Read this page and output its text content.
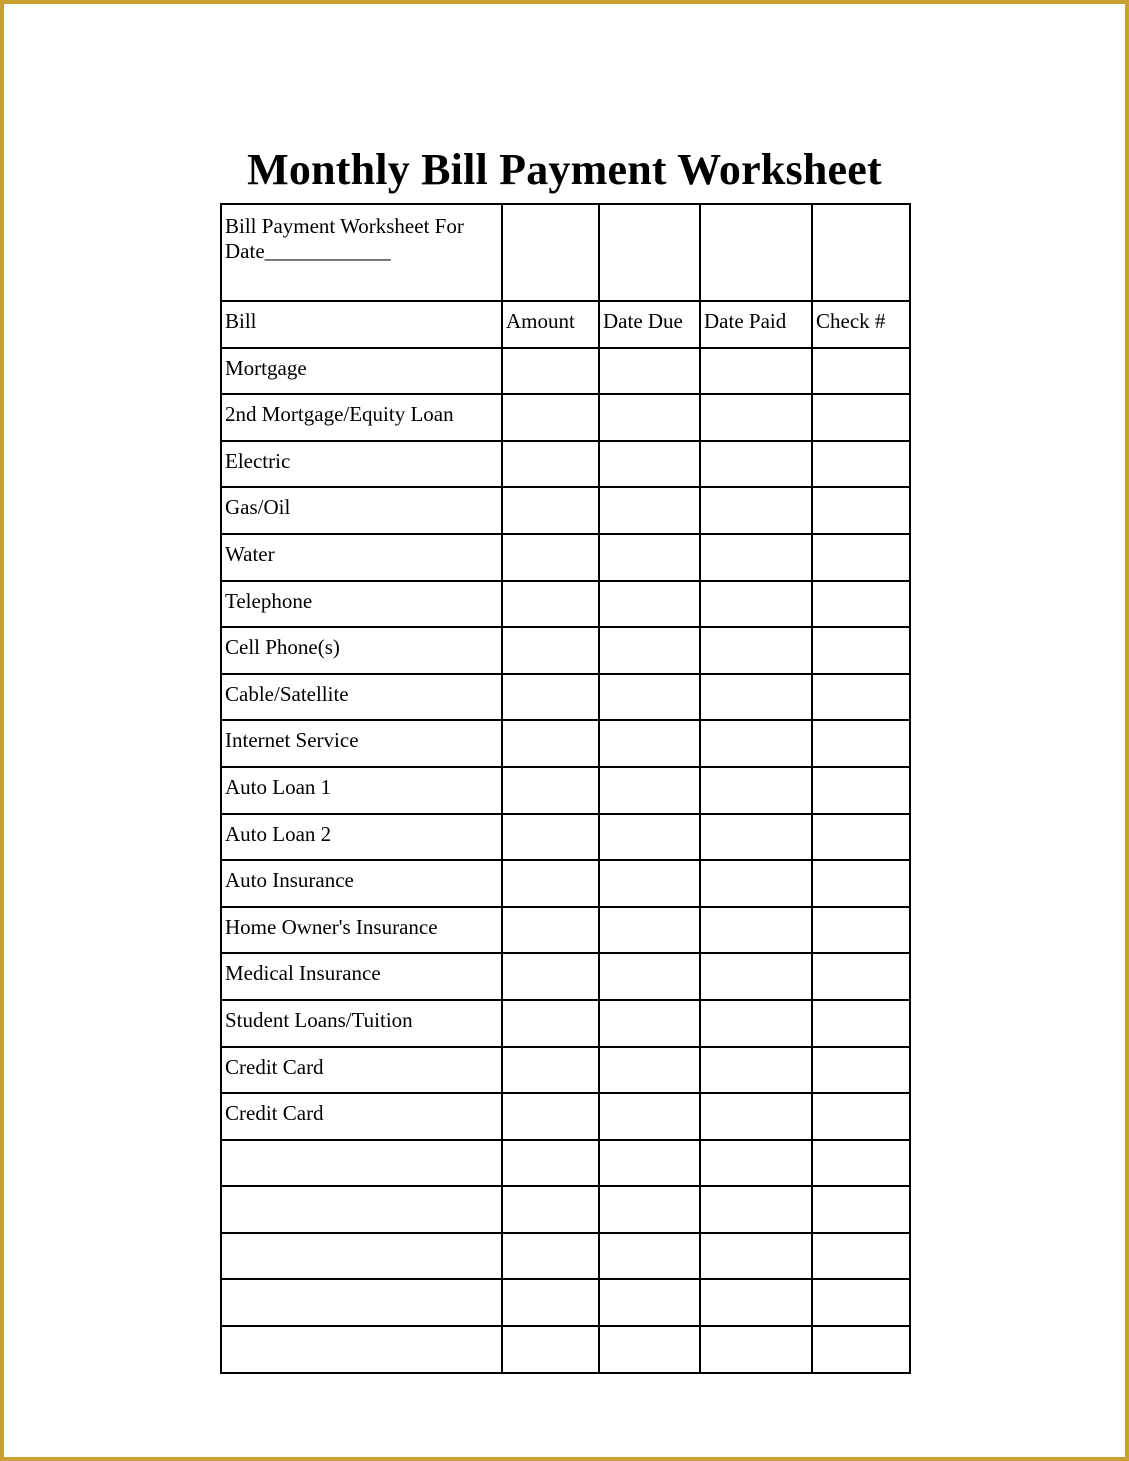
Monthly Bill Payment Worksheet
Bill Payment Worksheet For
Date____________				

Bill	Amount	Date Due	Date Paid	Check #
Mortgage				
2nd Mortgage/Equity Loan				
Electric				
Gas/Oil				
Water				
Telephone				
Cell Phone(s)				
Cable/Satellite				
Internet Service				
Auto Loan 1				
Auto Loan 2				
Auto Insurance				
Home Owner's Insurance				
Medical Insurance				
Student Loans/Tuition				
Credit Card				
Credit Card				
